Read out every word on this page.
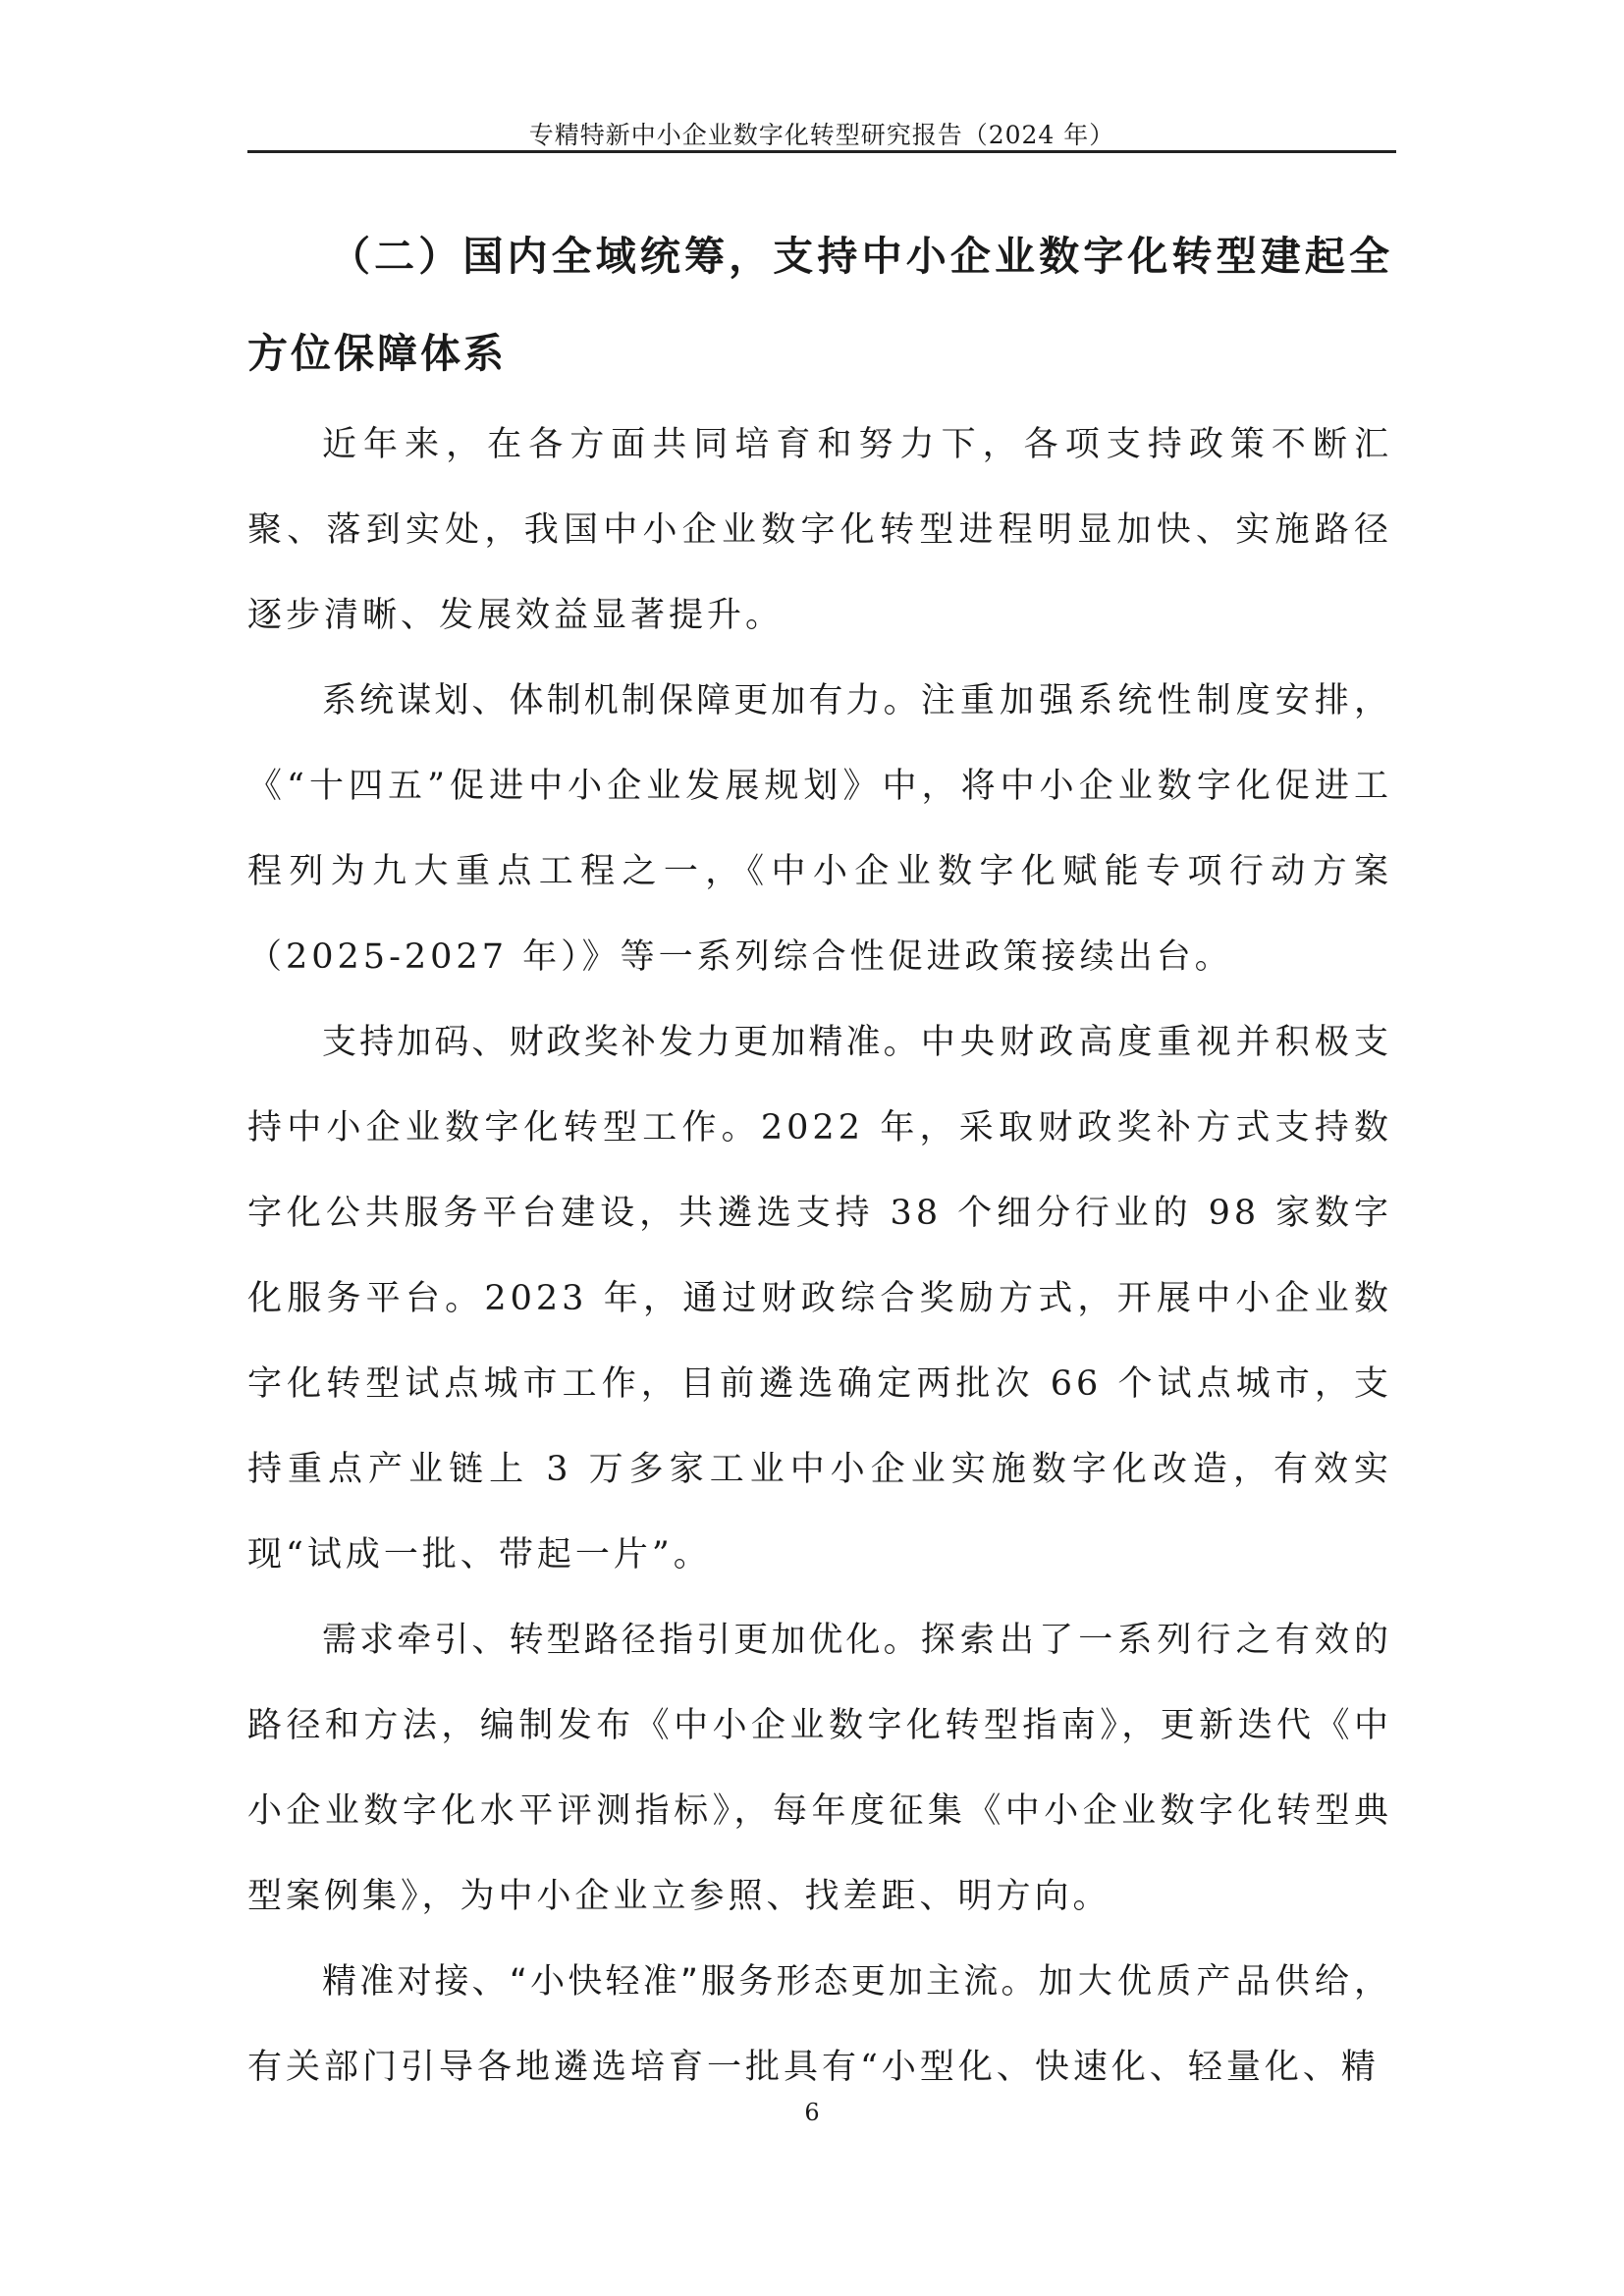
专精特新中小企业数字化转型研究报告（2024 年）
（二）国内全域统筹，支持中小企业数字化转型建起全方位保障体系

近年来，在各方面共同培育和努力下，各项支持政策不断汇聚、落到实处，我国中小企业数字化转型进程明显加快、实施路径逐步清晰、发展效益显著提升。

系统谋划、体制机制保障更加有力。注重加强系统性制度安排，《“十四五”促进中小企业发展规划》中，将中小企业数字化促进工程列为九大重点工程之一，《中小企业数字化赋能专项行动方案（2025-2027 年）》等一系列综合性促进政策接续出台。

支持加码、财政奖补发力更加精准。中央财政高度重视并积极支持中小企业数字化转型工作。2022 年，采取财政奖补方式支持数字化公共服务平台建设，共遴选支持 38 个细分行业的 98 家数字化服务平台。2023 年，通过财政综合奖励方式，开展中小企业数字化转型试点城市工作，目前遴选确定两批次 66 个试点城市，支持重点产业链上 3 万多家工业中小企业实施数字化改造，有效实现“试成一批、带起一片”。

需求牵引、转型路径指引更加优化。探索出了一系列行之有效的路径和方法，编制发布《中小企业数字化转型指南》，更新迭代《中小企业数字化水平评测指标》，每年度征集《中小企业数字化转型典型案例集》，为中小企业立参照、找差距、明方向。

精准对接、“小快轻准”服务形态更加主流。加大优质产品供给，有关部门引导各地遴选培育一批具有“小型化、快速化、轻量化、精

6
